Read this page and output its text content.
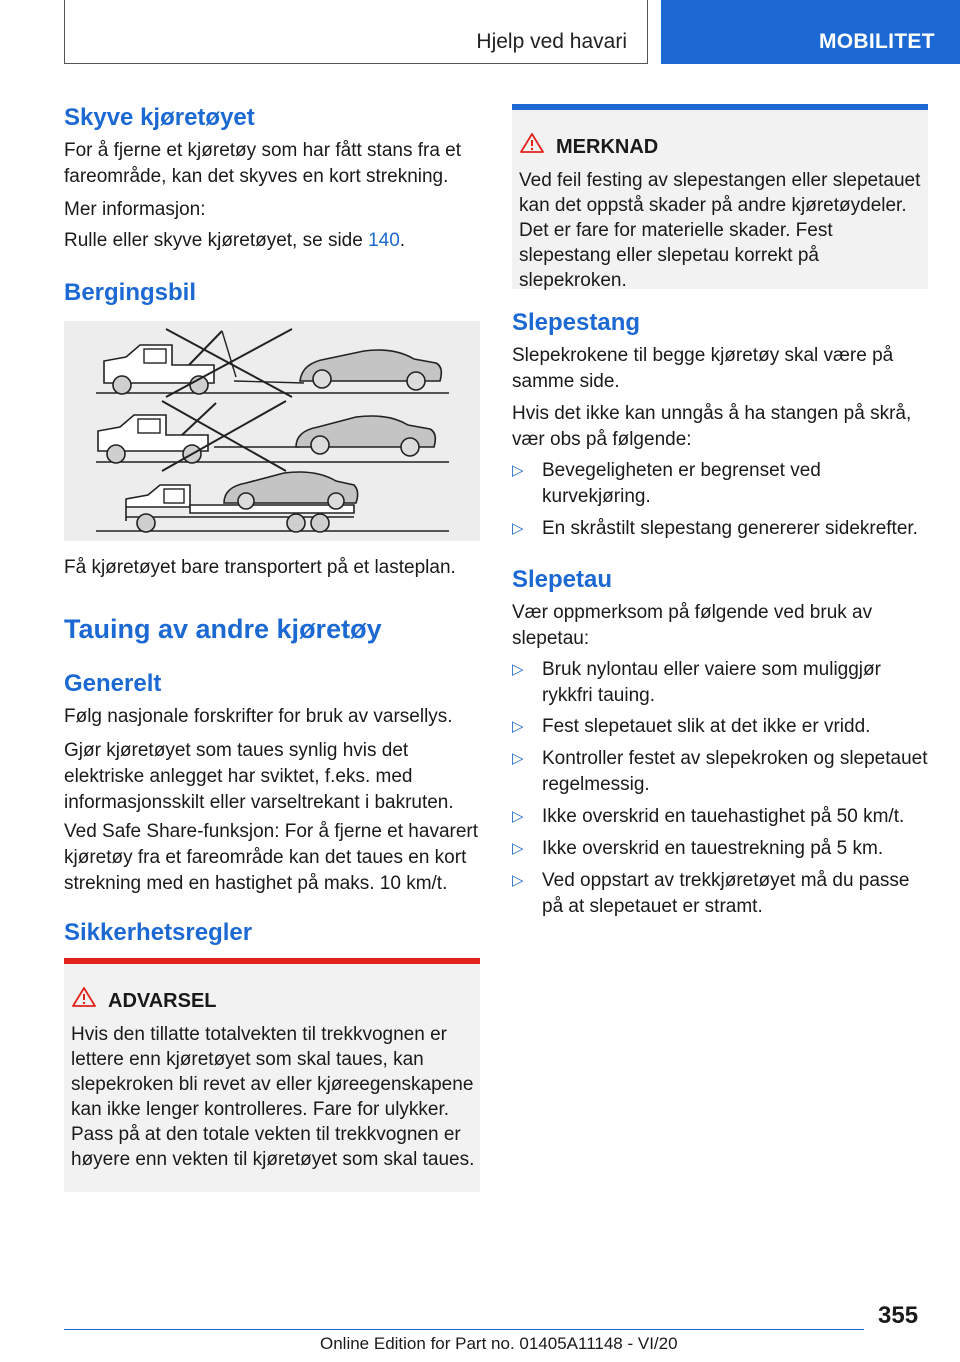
Hjelp ved havari	MOBILITET
Skyve kjøretøyet
For å fjerne et kjøretøy som har fått stans fra et fareområde, kan det skyves en kort strekning.
Mer informasjon:
Rulle eller skyve kjøretøyet, se side 140.
Bergingsbil
Få kjøretøyet bare transportert på et lasteplan.
Tauing av andre kjøretøy
Generelt
Følg nasjonale forskrifter for bruk av varsellys.
Gjør kjøretøyet som taues synlig hvis det elektriske anlegget har sviktet, f.eks. med informasjonsskilt eller varseltrekant i bakruten.
Ved Safe Share-funksjon: For å fjerne et havarert kjøretøy fra et fareområde kan det taues en kort strekning med en hastighet på maks. 10 km/t.
Sikkerhetsregler
ADVARSEL
Hvis den tillatte totalvekten til trekkvognen er lettere enn kjøretøyet som skal taues, kan slepekroken bli revet av eller kjøreegenskapene kan ikke lenger kontrolleres. Fare for ulykker. Pass på at den totale vekten til trekkvognen er høyere enn vekten til kjøretøyet som skal taues.
MERKNAD
Ved feil festing av slepestangen eller slepetauet kan det oppstå skader på andre kjøretøydeler. Det er fare for materielle skader. Fest slepestang eller slepetau korrekt på slepekroken.
Slepestang
Slepekrokene til begge kjøretøy skal være på samme side.
Hvis det ikke kan unngås å ha stangen på skrå, vær obs på følgende:
▷ Bevegeligheten er begrenset ved kurvekjøring.
▷ En skråstilt slepestang genererer sidekrefter.
Slepetau
Vær oppmerksom på følgende ved bruk av slepetau:
▷ Bruk nylontau eller vaiere som muliggjør rykkfri tauing.
▷ Fest slepetauet slik at det ikke er vridd.
▷ Kontroller festet av slepekroken og slepetauet regelmessig.
▷ Ikke overskrid en tauehastighet på 50 km/t.
▷ Ikke overskrid en tauestrekning på 5 km.
▷ Ved oppstart av trekkjøretøyet må du passe på at slepetauet er stramt.
355
Online Edition for Part no. 01405A11148 - VI/20
